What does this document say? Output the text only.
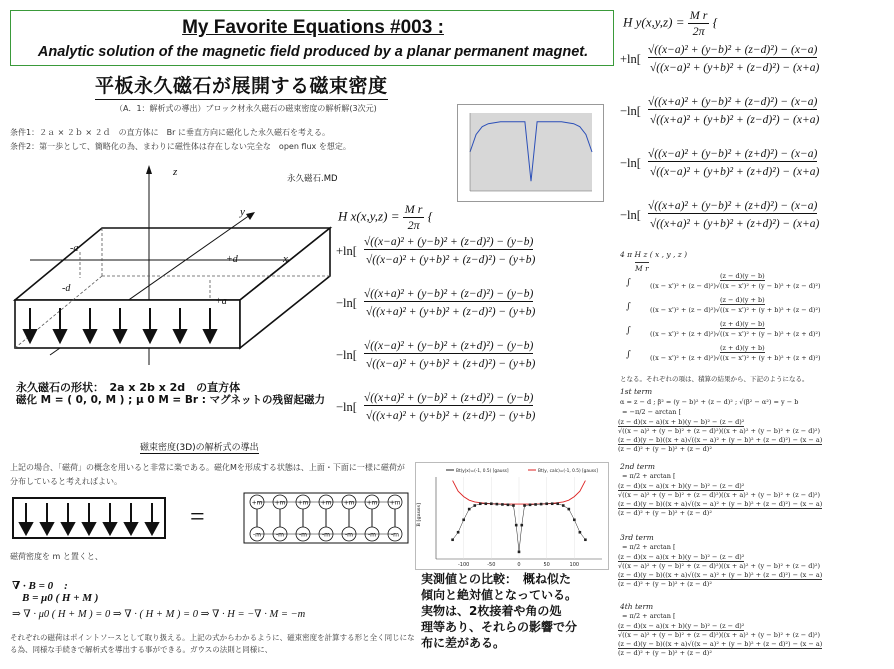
My Favorite Equations #003 :
Analytic solution of the magnetic field produced by a planar permanent magnet.
平板永久磁石が展開する磁束密度
（A．1：解析式の導出）ブロック材永久磁石の磁束密度の解析解(3次元)
条件1：２ａ × ２ｂ × ２ｄ　の直方体に　Br に垂直方向に磁化した永久磁石を考える。
条件2：第一歩として、簡略化の為、まわりに磁性体は存在しない完全な　open flux を想定。
永久磁石.MD
-a
+a
+d
-d
z
y
x
永久磁石の形状：　2a x 2b x 2d　の直方体
磁化 M = ( 0, 0, M ) ; μ 0 M = Br : マグネットの残留起磁力
H $x(x,y,z) = \frac{\text{M r}}{2\pi}$ {
H $y(x,y,z) = \frac{\text{M r}}{2\pi}$ {
磁束密度(3D)の解析式の導出
上記の場合、「磁荷」の概念を用いると非常に楽である。磁化Mを形成する状態は、上面・下面に一様に磁荷が分布していると考えればよい。
=	+m
-m
+m
-m
+m
-m
+m
-m
+m
-m
+m
-m
+m
-m
磁荷密度を m と置くと、
∇ · B = 0　:
B = μ0 ( H + M )
⇒ ∇ · μ0 ( H + M ) = 0 ⇒ ∇ · ( H + M ) = 0 ⇒ ∇ · H = −∇ · M = −m
それぞれの磁荷はポイントソースとして取り扱える。上記の式からわかるように、磁束密度を計算する形と全く同じになる為、同様な手続きで解析式を導出する事ができる。ガウスの法則と同様に、
Bt(y|x)=(-1, 0.5) [gauss]	Bt(y, calc)=(-1, 0.5) [gauss]
-100	-50	0	50	100
B [gauss]
実測値との比較：　概ね似た
傾向と絶対値となっている。
実物は、2枚接着や角の処
理等あり、それらの影響で分
布に差がある。
4 π H z ( x , y , z )
M r
となる。それぞれの項は、積算の結果から、下記のようになる。
1st term
α = z − d ; β² = (y − b)² + (z − d)² ; √(β² − α²) = y − b
2nd term
3rd term
4th term
+ln[
√((x−a)² + (y−b)² + (z−d)²) − (y−b)
√((x−a)² + (y+b)² + (z−d)²) − (y+b)
−ln[
√((x+a)² + (y−b)² + (z−d)²) − (y−b)
√((x+a)² + (y+b)² + (z−d)²) − (y+b)
−ln[
√((x−a)² + (y−b)² + (z+d)²) − (y−b)
√((x−a)² + (y+b)² + (z+d)²) − (y+b)
−ln[
√((x+a)² + (y−b)² + (z+d)²) − (y−b)
√((x+a)² + (y+b)² + (z+d)²) − (y+b)
+ln[
√((x−a)² + (y−b)² + (z−d)²) − (x−a)
√((x−a)² + (y+b)² + (z−d)²) − (x+a)
−ln[
√((x+a)² + (y−b)² + (z−d)²) − (x−a)
√((x+a)² + (y+b)² + (z−d)²) − (x+a)
−ln[
√((x−a)² + (y−b)² + (z+d)²) − (x−a)
√((x−a)² + (y+b)² + (z+d)²) − (x+a)
−ln[
√((x+a)² + (y−b)² + (z+d)²) − (x−a)
√((x+a)² + (y+b)² + (z+d)²) − (x+a)
∫
(z − d)(y − b)
((x − x')² + (z − d)²)√((x − x')² + (y − b)² + (z − d)²)
∫
(z − d)(y + b)
((x − x')² + (z − d)²)√((x − x')² + (y + b)² + (z − d)²)
∫
(z + d)(y − b)
((x − x')² + (z + d)²)√((x − x')² + (y − b)² + (z + d)²)
∫
(z + d)(y + b)
((x − x')² + (z + d)²)√((x − x')² + (y + b)² + (z + d)²)
= −π/2 − arctan [
(z − d)(x − a)(x + b)(y − b)² − (z − d)²
√((x − a)² + (y − b)² + (z − d)²)((x + a)² + (y − b)² + (z − d)²)
(z − d)(y − b)((x + a)√((x − a)² + (y − b)² + (z − d)²) − (x − a)
(z − d)² + (y − b)² + (z − d)²
= π/2 + arctan [
(z − d)(x − a)(x + b)(y − b)² − (z − d)²
√((x − a)² + (y − b)² + (z − d)²)((x + a)² + (y − b)² + (z − d)²)
(z − d)(y − b)((x + a)√((x − a)² + (y − b)² + (z − d)²) − (x − a)
(z − d)² + (y − b)² + (z − d)²
= π/2 + arctan [
(z − d)(x − a)(x + b)(y − b)² − (z − d)²
√((x − a)² + (y − b)² + (z − d)²)((x + a)² + (y − b)² + (z − d)²)
(z − d)(y − b)((x + a)√((x − a)² + (y − b)² + (z − d)²) − (x − a)
(z − d)² + (y − b)² + (z − d)²
= π/2 + arctan [
(z − d)(x − a)(x + b)(y − b)² − (z − d)²
√((x − a)² + (y − b)² + (z − d)²)((x + a)² + (y − b)² + (z − d)²)
(z − d)(y − b)((x + a)√((x − a)² + (y − b)² + (z − d)²) − (x − a)
(z − d)² + (y − b)² + (z − d)²
